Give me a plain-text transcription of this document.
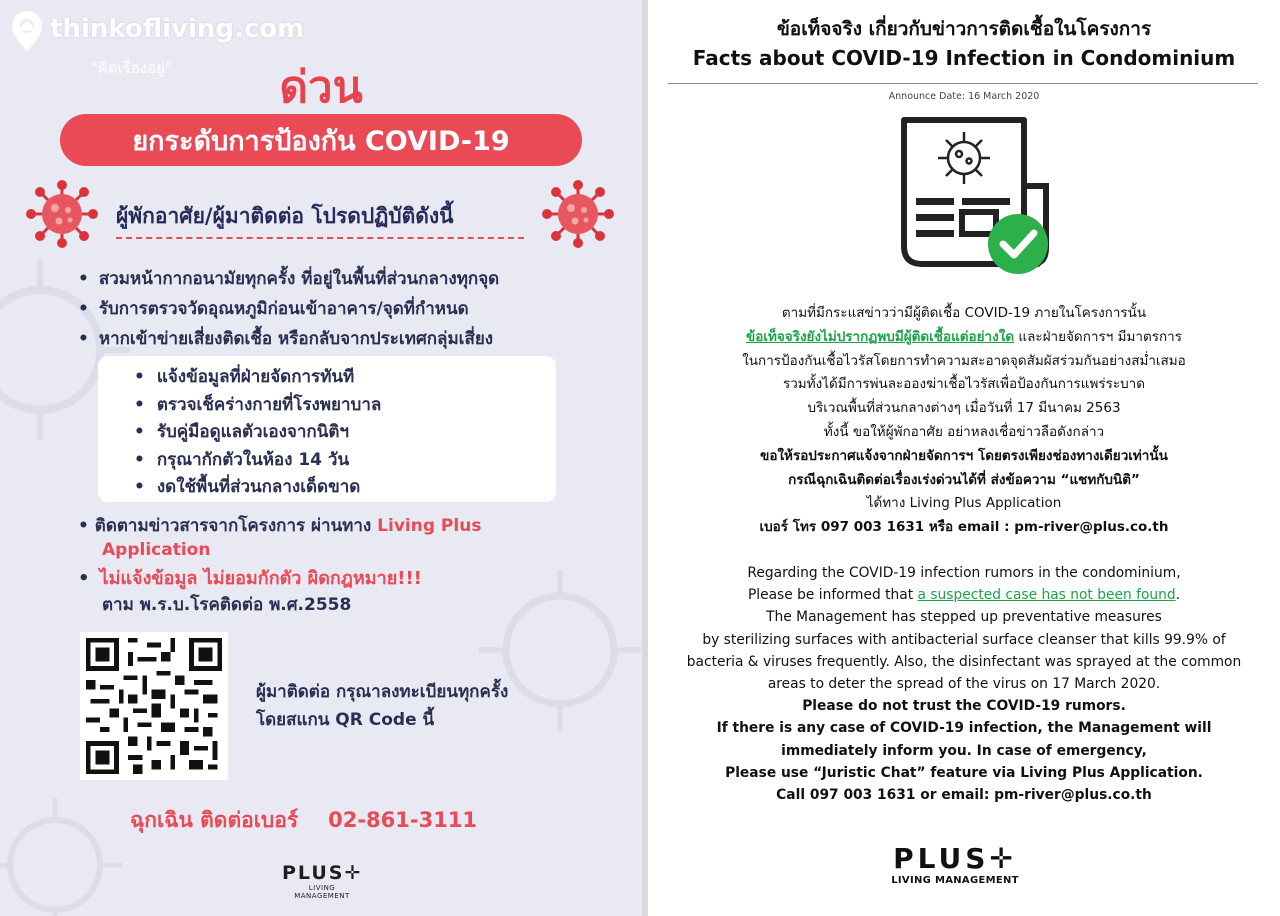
thinkofliving.com
“คิดเรื่องอยู่”	ด่วน
ยกระดับการป้องกัน COVID-19
ผู้พักอาศัย/ผู้มาติดต่อ โปรดปฏิบัติดังนี้
• สวมหน้ากากอนามัยทุกครั้ง ที่อยู่ในพื้นที่ส่วนกลางทุกจุด
• รับการตรวจวัดอุณหภูมิก่อนเข้าอาคาร/จุดที่กำหนด
• หากเข้าข่ายเสี่ยงติดเชื้อ หรือกลับจากประเทศกลุ่มเสี่ยง
• แจ้งข้อมูลที่ฝ่ายจัดการทันที
• ตรวจเช็คร่างกายที่โรงพยาบาล
• รับคู่มือดูแลตัวเองจากนิติฯ
• กรุณากักตัวในห้อง 14 วัน
• งดใช้พื้นที่ส่วนกลางเด็ดขาด
• ติดตามข่าวสารจากโครงการ ผ่านทาง Living Plus
Application
• ไม่แจ้งข้อมูล ไม่ยอมกักตัว ผิดกฎหมาย!!!
ตาม พ.ร.บ.โรคติดต่อ พ.ศ.2558
ผู้มาติดต่อ กรุณาลงทะเบียนทุกครั้ง
โดยสแกน QR Code นี้
ฉุกเฉิน ติดต่อเบอร์ 02-861-3111
PLUS✛
LIVING MANAGEMENT
ข้อเท็จจริง เกี่ยวกับข่าวการติดเชื้อในโครงการ
Facts about COVID-19 Infection in Condominium
Announce Date: 16 March 2020
ตามที่มีกระแสข่าวว่ามีผู้ติดเชื้อ COVID-19 ภายในโครงการนั้น
ข้อเท็จจริงยังไม่ปรากฏพบมีผู้ติดเชื้อแต่อย่างใด และฝ่ายจัดการฯ มีมาตรการ
ในการป้องกันเชื้อไวรัสโดยการทำความสะอาดจุดสัมผัสร่วมกันอย่างสม่ำเสมอ
รวมทั้งได้มีการพ่นละอองฆ่าเชื้อไวรัสเพื่อป้องกันการแพร่ระบาด
บริเวณพื้นที่ส่วนกลางต่างๆ เมื่อวันที่ 17 มีนาคม 2563
ทั้งนี้ ขอให้ผู้พักอาศัย อย่าหลงเชื่อข่าวลือดังกล่าว
ขอให้รอประกาศแจ้งจากฝ่ายจัดการฯ โดยตรงเพียงช่องทางเดียวเท่านั้น
กรณีฉุกเฉินติดต่อเรื่องเร่งด่วนได้ที่ ส่งข้อความ “แชทกับนิติ”
ได้ทาง Living Plus Application
เบอร์ โทร 097 003 1631 หรือ email : pm-river@plus.co.th
Regarding the COVID-19 infection rumors in the condominium,
Please be informed that a suspected case has not been found.
The Management has stepped up preventative measures
by sterilizing surfaces with antibacterial surface cleanser that kills 99.9% of
bacteria & viruses frequently. Also, the disinfectant was sprayed at the common
areas to deter the spread of the virus on 17 March 2020.
Please do not trust the COVID-19 rumors.
If there is any case of COVID-19 infection, the Management will
immediately inform you. In case of emergency,
Please use “Juristic Chat” feature via Living Plus Application.
Call 097 003 1631 or email: pm-river@plus.co.th
PLUS✛
LIVING MANAGEMENT
